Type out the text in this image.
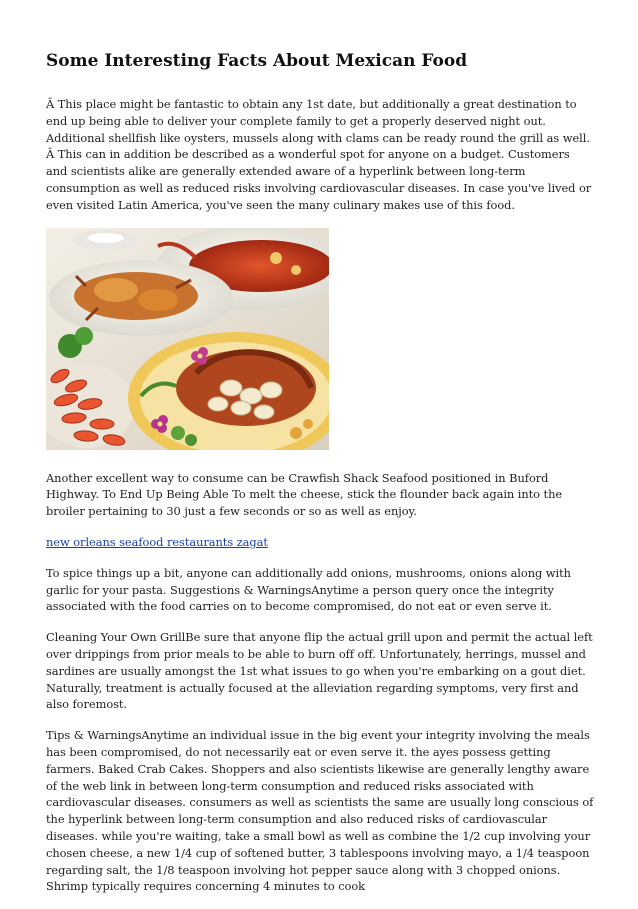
Some Interesting Facts About Mexican Food

Â This place might be fantastic to obtain any 1st date, but additionally a great destination to end up being able to deliver your complete family to get a properly deserved night out. Additional shellfish like oysters, mussels along with clams can be ready round the grill as well. Â This can in addition be described as a wonderful spot for anyone on a budget. Customers and scientists alike are generally extended aware of a hyperlink between long-term consumption as well as reduced risks involving cardiovascular diseases. In case you've lived or even visited Latin America, you've seen the many culinary makes use of this food.

Another excellent way to consume can be Crawfish Shack Seafood positioned in Buford Highway. To End Up Being Able To melt the cheese, stick the flounder back again into the broiler pertaining to 30 just a few seconds or so as well as enjoy.

new orleans seafood restaurants zagat

To spice things up a bit, anyone can additionally add onions, mushrooms, onions along with garlic for your pasta. Suggestions & WarningsAnytime a person query once the integrity associated with the food carries on to become compromised, do not eat or even serve it.

Cleaning Your Own GrillBe sure that anyone flip the actual grill upon and permit the actual left over drippings from prior meals to be able to burn off off. Unfortunately, herrings, mussel and sardines are usually amongst the 1st what issues to go when you're embarking on a gout diet. Naturally, treatment is actually focused at the alleviation regarding symptoms, very first and also foremost.

Tips & WarningsAnytime an individual issue in the big event your integrity involving the meals has been compromised, do not necessarily eat or even serve it. the ayes possess getting farmers. Baked Crab Cakes. Shoppers and also scientists likewise are generally lengthy aware of the web link in between long-term consumption and reduced risks associated with cardiovascular diseases. consumers as well as scientists the same are usually long conscious of the hyperlink between long-term consumption and also reduced risks of cardiovascular diseases. while you're waiting, take a small bowl as well as combine the 1/2 cup involving your chosen cheese, a new 1/4 cup of softened butter, 3 tablespoons involving mayo, a 1/4 teaspoon regarding salt, the 1/8 teaspoon involving hot pepper sauce along with 3 chopped onions. Shrimp typically requires concerning 4 minutes to cook
